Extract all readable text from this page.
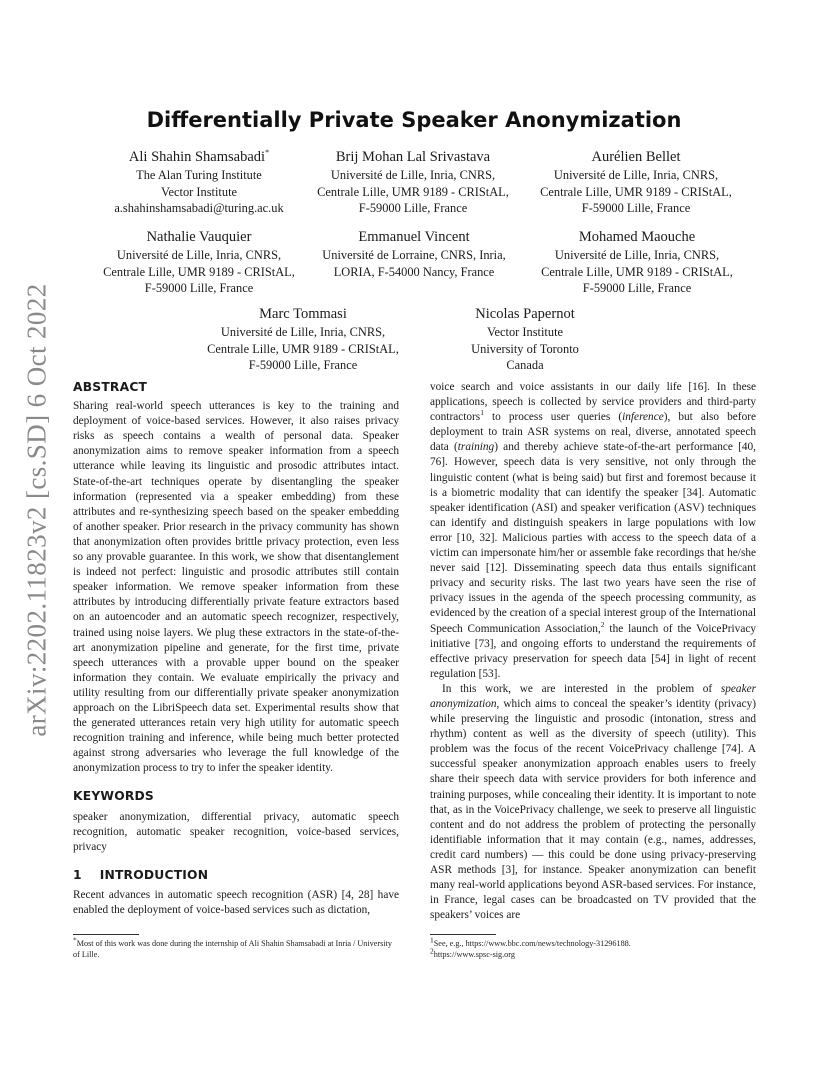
arXiv:2202.11823v2 [cs.SD] 6 Oct 2022
Differentially Private Speaker Anonymization
Ali Shahin Shamsabadi*
The Alan Turing Institute
Vector Institute
a.shahinshamsabadi@turing.ac.uk
Brij Mohan Lal Srivastava
Université de Lille, Inria, CNRS,
Centrale Lille, UMR 9189 - CRIStAL,
F-59000 Lille, France
Aurélien Bellet
Université de Lille, Inria, CNRS,
Centrale Lille, UMR 9189 - CRIStAL,
F-59000 Lille, France
Nathalie Vauquier
Université de Lille, Inria, CNRS,
Centrale Lille, UMR 9189 - CRIStAL,
F-59000 Lille, France
Emmanuel Vincent
Université de Lorraine, CNRS, Inria,
LORIA, F-54000 Nancy, France
Mohamed Maouche
Université de Lille, Inria, CNRS,
Centrale Lille, UMR 9189 - CRIStAL,
F-59000 Lille, France
Marc Tommasi
Université de Lille, Inria, CNRS,
Centrale Lille, UMR 9189 - CRIStAL,
F-59000 Lille, France
Nicolas Papernot
Vector Institute
University of Toronto
Canada

ABSTRACT

Sharing real-world speech utterances is key to the training and deployment of voice-based services. However, it also raises privacy risks as speech contains a wealth of personal data. Speaker anonymization aims to remove speaker information from a speech utterance while leaving its linguistic and prosodic attributes intact. State-of-the-art techniques operate by disentangling the speaker information (represented via a speaker embedding) from these attributes and re-synthesizing speech based on the speaker embedding of another speaker. Prior research in the privacy community has shown that anonymization often provides brittle privacy protection, even less so any provable guarantee. In this work, we show that disentanglement is indeed not perfect: linguistic and prosodic attributes still contain speaker information. We remove speaker information from these attributes by introducing differentially private feature extractors based on an autoencoder and an automatic speech recognizer, respectively, trained using noise layers. We plug these extractors in the state-of-the-art anonymization pipeline and generate, for the first time, private speech utterances with a provable upper bound on the speaker information they contain. We evaluate empirically the privacy and utility resulting from our differentially private speaker anonymization approach on the LibriSpeech data set. Experimental results show that the generated utterances retain very high utility for automatic speech recognition training and inference, while being much better protected against strong adversaries who leverage the full knowledge of the anonymization process to try to infer the speaker identity.

KEYWORDS

speaker anonymization, differential privacy, automatic speech recognition, automatic speaker recognition, voice-based services, privacy

1 INTRODUCTION

Recent advances in automatic speech recognition (ASR) [4, 28] have enabled the deployment of voice-based services such as dictation,

voice search and voice assistants in our daily life [16]. In these applications, speech is collected by service providers and third-party contractors$^1$ to process user queries (inference), but also before deployment to train ASR systems on real, diverse, annotated speech data (training) and thereby achieve state-of-the-art performance [40, 76]. However, speech data is very sensitive, not only through the linguistic content (what is being said) but first and foremost because it is a biometric modality that can identify the speaker [34]. Automatic speaker identification (ASI) and speaker verification (ASV) techniques can identify and distinguish speakers in large populations with low error [10, 32]. Malicious parties with access to the speech data of a victim can impersonate him/her or assemble fake recordings that he/she never said [12]. Disseminating speech data thus entails significant privacy and security risks. The last two years have seen the rise of privacy issues in the agenda of the speech processing community, as evidenced by the creation of a special interest group of the International Speech Communication Association,$^2$ the launch of the VoicePrivacy initiative [73], and ongoing efforts to understand the requirements of effective privacy preservation for speech data [54] in light of recent regulation [53].

In this work, we are interested in the problem of speaker anonymization, which aims to conceal the speaker’s identity (privacy) while preserving the linguistic and prosodic (intonation, stress and rhythm) content as well as the diversity of speech (utility). This problem was the focus of the recent VoicePrivacy challenge [74]. A successful speaker anonymization approach enables users to freely share their speech data with service providers for both inference and training purposes, while concealing their identity. It is important to note that, as in the VoicePrivacy challenge, we seek to preserve all linguistic content and do not address the problem of protecting the personally identifiable information that it may contain (e.g., names, addresses, credit card numbers) — this could be done using privacy-preserving ASR methods [3], for instance. Speaker anonymization can benefit many real-world applications beyond ASR-based services. For instance, in France, legal cases can be broadcasted on TV provided that the speakers’ voices are

*Most of this work was done during the internship of Ali Shahin Shamsabadi at Inria / University of Lille.
$^1$See, e.g., https://www.bbc.com/news/technology-31296188.
$^2$https://www.spsc-sig.org
